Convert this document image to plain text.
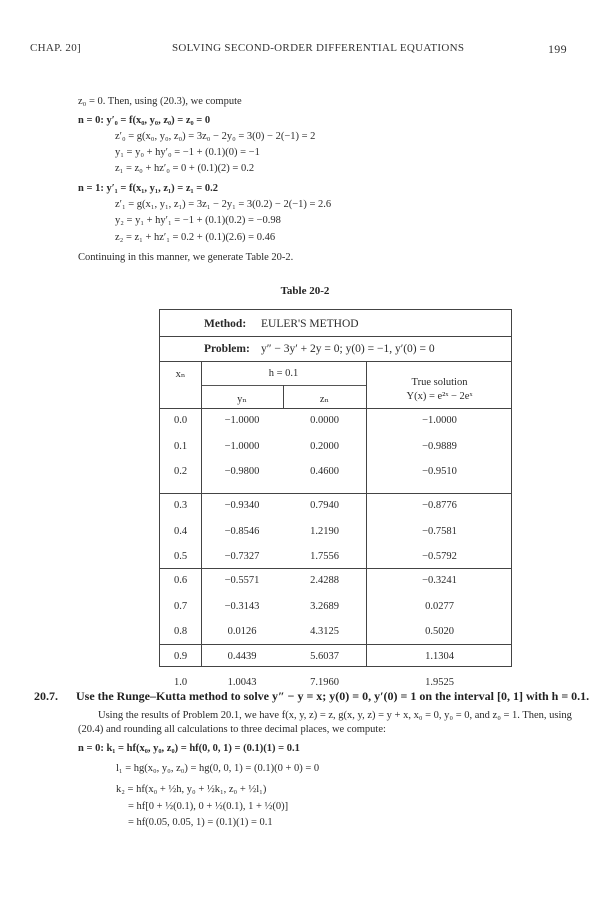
CHAP. 20]	SOLVING SECOND-ORDER DIFFERENTIAL EQUATIONS	199
z₀ = 0. Then, using (20.3), we compute
n = 0: y′₀ = f(x₀, y₀, z₀) = z₀ = 0
z′₀ = g(x₀, y₀, z₀) = 3z₀ − 2y₀ = 3(0) − 2(−1) = 2
y₁ = y₀ + hy′₀ = −1 + (0.1)(0) = −1
z₁ = z₀ + hz′₀ = 0 + (0.1)(2) = 0.2
n = 1: y′₁ = f(x₁, y₁, z₁) = z₁ = 0.2
z′₁ = g(x₁, y₁, z₁) = 3z₁ − 2y₁ = 3(0.2) − 2(−1) = 2.6
y₂ = y₁ + hy′₁ = −1 + (0.1)(0.2) = −0.98
z₂ = z₁ + hz′₁ = 0.2 + (0.1)(2.6) = 0.46
Continuing in this manner, we generate Table 20-2.
Table 20-2
Method: EULER'S METHOD
Problem: y″ − 3y′ + 2y = 0; y(0) = −1, y′(0) = 0
xₙ	h = 0.1
yₙ	zₙ
True solution
Y(x) = e²ˣ − 2eˣ
0.0	−1.0000	0.0000	−1.0000
0.1	−1.0000	0.2000	−0.9889
0.2	−0.9800	0.4600	−0.9510
0.3	−0.9340	0.7940	−0.8776
0.4	−0.8546	1.2190	−0.7581
0.5	−0.7327	1.7556	−0.5792
0.6	−0.5571	2.4288	−0.3241
0.7	−0.3143	3.2689	0.0277
0.8	0.0126	4.3125	0.5020
0.9	0.4439	5.6037	1.1304
1.0	1.0043	7.1960	1.9525
20.7. Use the Runge–Kutta method to solve y″ − y = x; y(0) = 0, y′(0) = 1 on the interval [0, 1] with h = 0.1.
Using the results of Problem 20.1, we have f(x, y, z) = z, g(x, y, z) = y + x, x₀ = 0, y₀ = 0, and z₀ = 1. Then, using
(20.4) and rounding all calculations to three decimal places, we compute:
n = 0: k₁ = hf(x₀, y₀, z₀) = hf(0, 0, 1) = (0.1)(1) = 0.1
l₁ = hg(x₀, y₀, z₀) = hg(0, 0, 1) = (0.1)(0 + 0) = 0
k₂ = hf(x₀ + ½h, y₀ + ½k₁, z₀ + ½l₁)
= hf[0 + ½(0.1), 0 + ½(0.1), 1 + ½(0)]
= hf(0.05, 0.05, 1) = (0.1)(1) = 0.1
